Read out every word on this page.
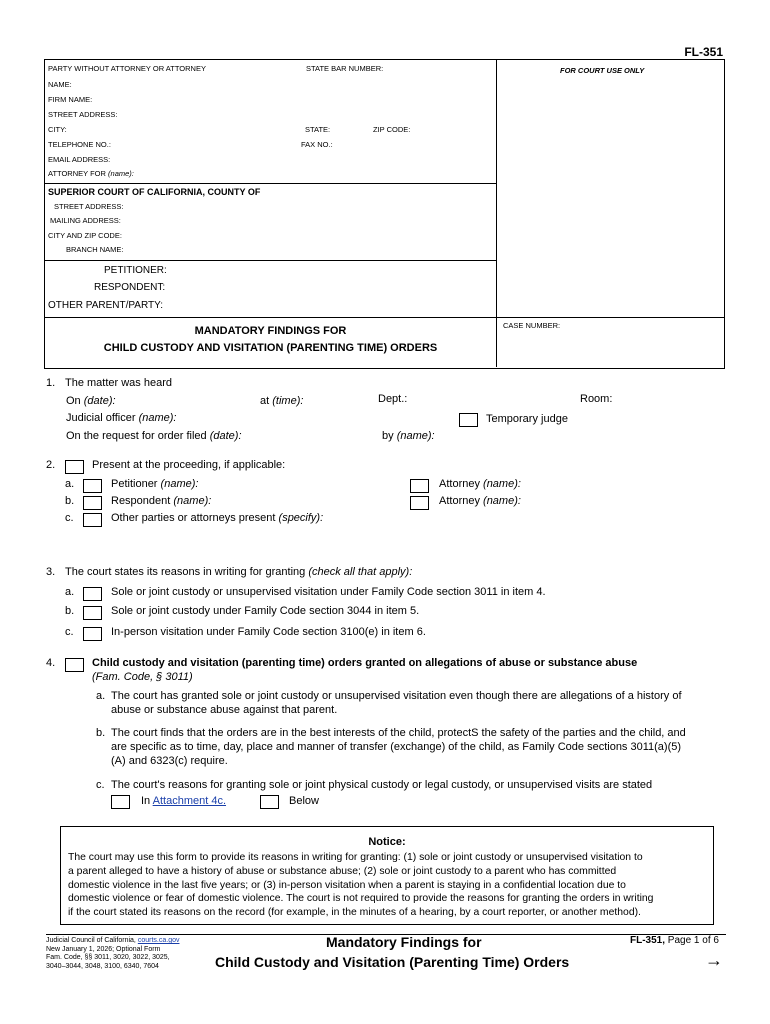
FL-351
PARTY WITHOUT ATTORNEY OR ATTORNEY	STATE BAR NUMBER:	FOR COURT USE ONLY
NAME:
FIRM NAME:
STREET ADDRESS:
CITY:	STATE:	ZIP CODE:
TELEPHONE NO.:	FAX NO.:
EMAIL ADDRESS:
ATTORNEY FOR (name):
SUPERIOR COURT OF CALIFORNIA, COUNTY OF
STREET ADDRESS:
MAILING ADDRESS:
CITY AND ZIP CODE:
BRANCH NAME:
PETITIONER:
RESPONDENT:
OTHER PARENT/PARTY:
MANDATORY FINDINGS FOR
CHILD CUSTODY AND VISITATION (PARENTING TIME) ORDERS
CASE NUMBER:
1. The matter was heard
On (date):	at (time):	Dept.:	Room:
Judicial officer (name):	Temporary judge
On the request for order filed (date):	by (name):
2.	Present at the proceeding, if applicable:
a.	Petitioner (name):	Attorney (name):
b.	Respondent (name):	Attorney (name):
c.	Other parties or attorneys present (specify):
3. The court states its reasons in writing for granting (check all that apply):
a.	Sole or joint custody or unsupervised visitation under Family Code section 3011 in item 4.
b.	Sole or joint custody under Family Code section 3044 in item 5.
c.	In-person visitation under Family Code section 3100(e) in item 6.
4.	Child custody and visitation (parenting time) orders granted on allegations of abuse or substance abuse
(Fam. Code, § 3011)
a. The court has granted sole or joint custody or unsupervised visitation even though there are allegations of a history of
abuse or substance abuse against that parent.
b. The court finds that the orders are in the best interests of the child, protectS the safety of the parties and the child, and
are specific as to time, day, place and manner of transfer (exchange) of the child, as Family Code sections 3011(a)(5)
(A) and 6323(c) require.
c. The court's reasons for granting sole or joint physical custody or legal custody, or unsupervised visits are stated
In Attachment 4c.	Below
Notice:
The court may use this form to provide its reasons in writing for granting: (1) sole or joint custody or unsupervised visitation to
a parent alleged to have a history of abuse or substance abuse; (2) sole or joint custody to a parent who has committed
domestic violence in the last five years; or (3) in-person visitation when a parent is staying in a confidential location due to
domestic violence or fear of domestic violence. The court is not required to provide the reasons for granting the orders in writing
if the court stated its reasons on the record (for example, in the minutes of a hearing, by a court reporter, or another method).
Judicial Council of California, courts.ca.gov
New January 1, 2026; Optional Form
Fam. Code, §§ 3011, 3020, 3022, 3025,
3040–3044, 3048, 3100, 6340, 7604
Mandatory Findings for
Child Custody and Visitation (Parenting Time) Orders
FL-351, Page 1 of 6
→
